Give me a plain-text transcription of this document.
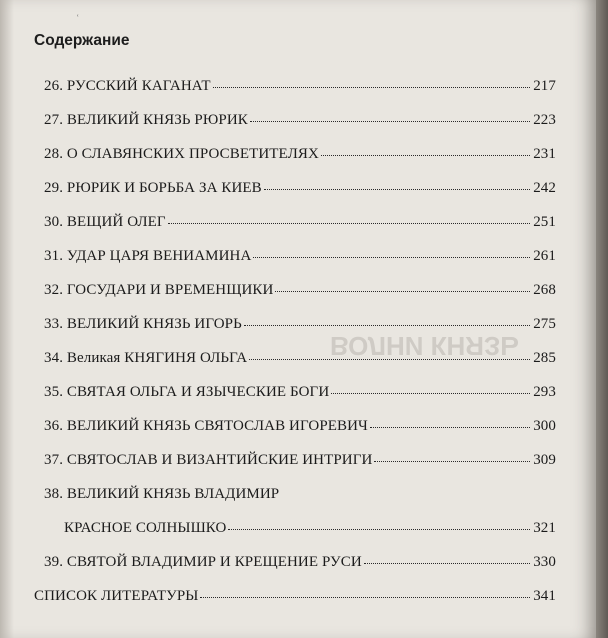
ʿ
ВОЛНИ КНЯЗЬ
Содержание
26. РУССКИЙ КАГАНАТ	217
27. ВЕЛИКИЙ КНЯЗЬ РЮРИК	223
28. О СЛАВЯНСКИХ ПРОСВЕТИТЕЛЯХ	231
29. РЮРИК И БОРЬБА ЗА КИЕВ	242
30. ВЕЩИЙ ОЛЕГ	251
31. УДАР ЦАРЯ ВЕНИАМИНА	261
32. ГОСУДАРИ И ВРЕМЕНЩИКИ	268
33. ВЕЛИКИЙ КНЯЗЬ ИГОРЬ	275
34. Великая КНЯГИНЯ ОЛЬГА	285
35. СВЯТАЯ ОЛЬГА И ЯЗЫЧЕСКИЕ БОГИ	293
36. ВЕЛИКИЙ КНЯЗЬ СВЯТОСЛАВ ИГОРЕВИЧ	300
37. СВЯТОСЛАВ И ВИЗАНТИЙСКИЕ ИНТРИГИ	309
38. ВЕЛИКИЙ КНЯЗЬ ВЛАДИМИР
КРАСНОЕ СОЛНЫШКО	321
39. СВЯТОЙ ВЛАДИМИР И КРЕЩЕНИЕ РУСИ	330
СПИСОК ЛИТЕРАТУРЫ	341
